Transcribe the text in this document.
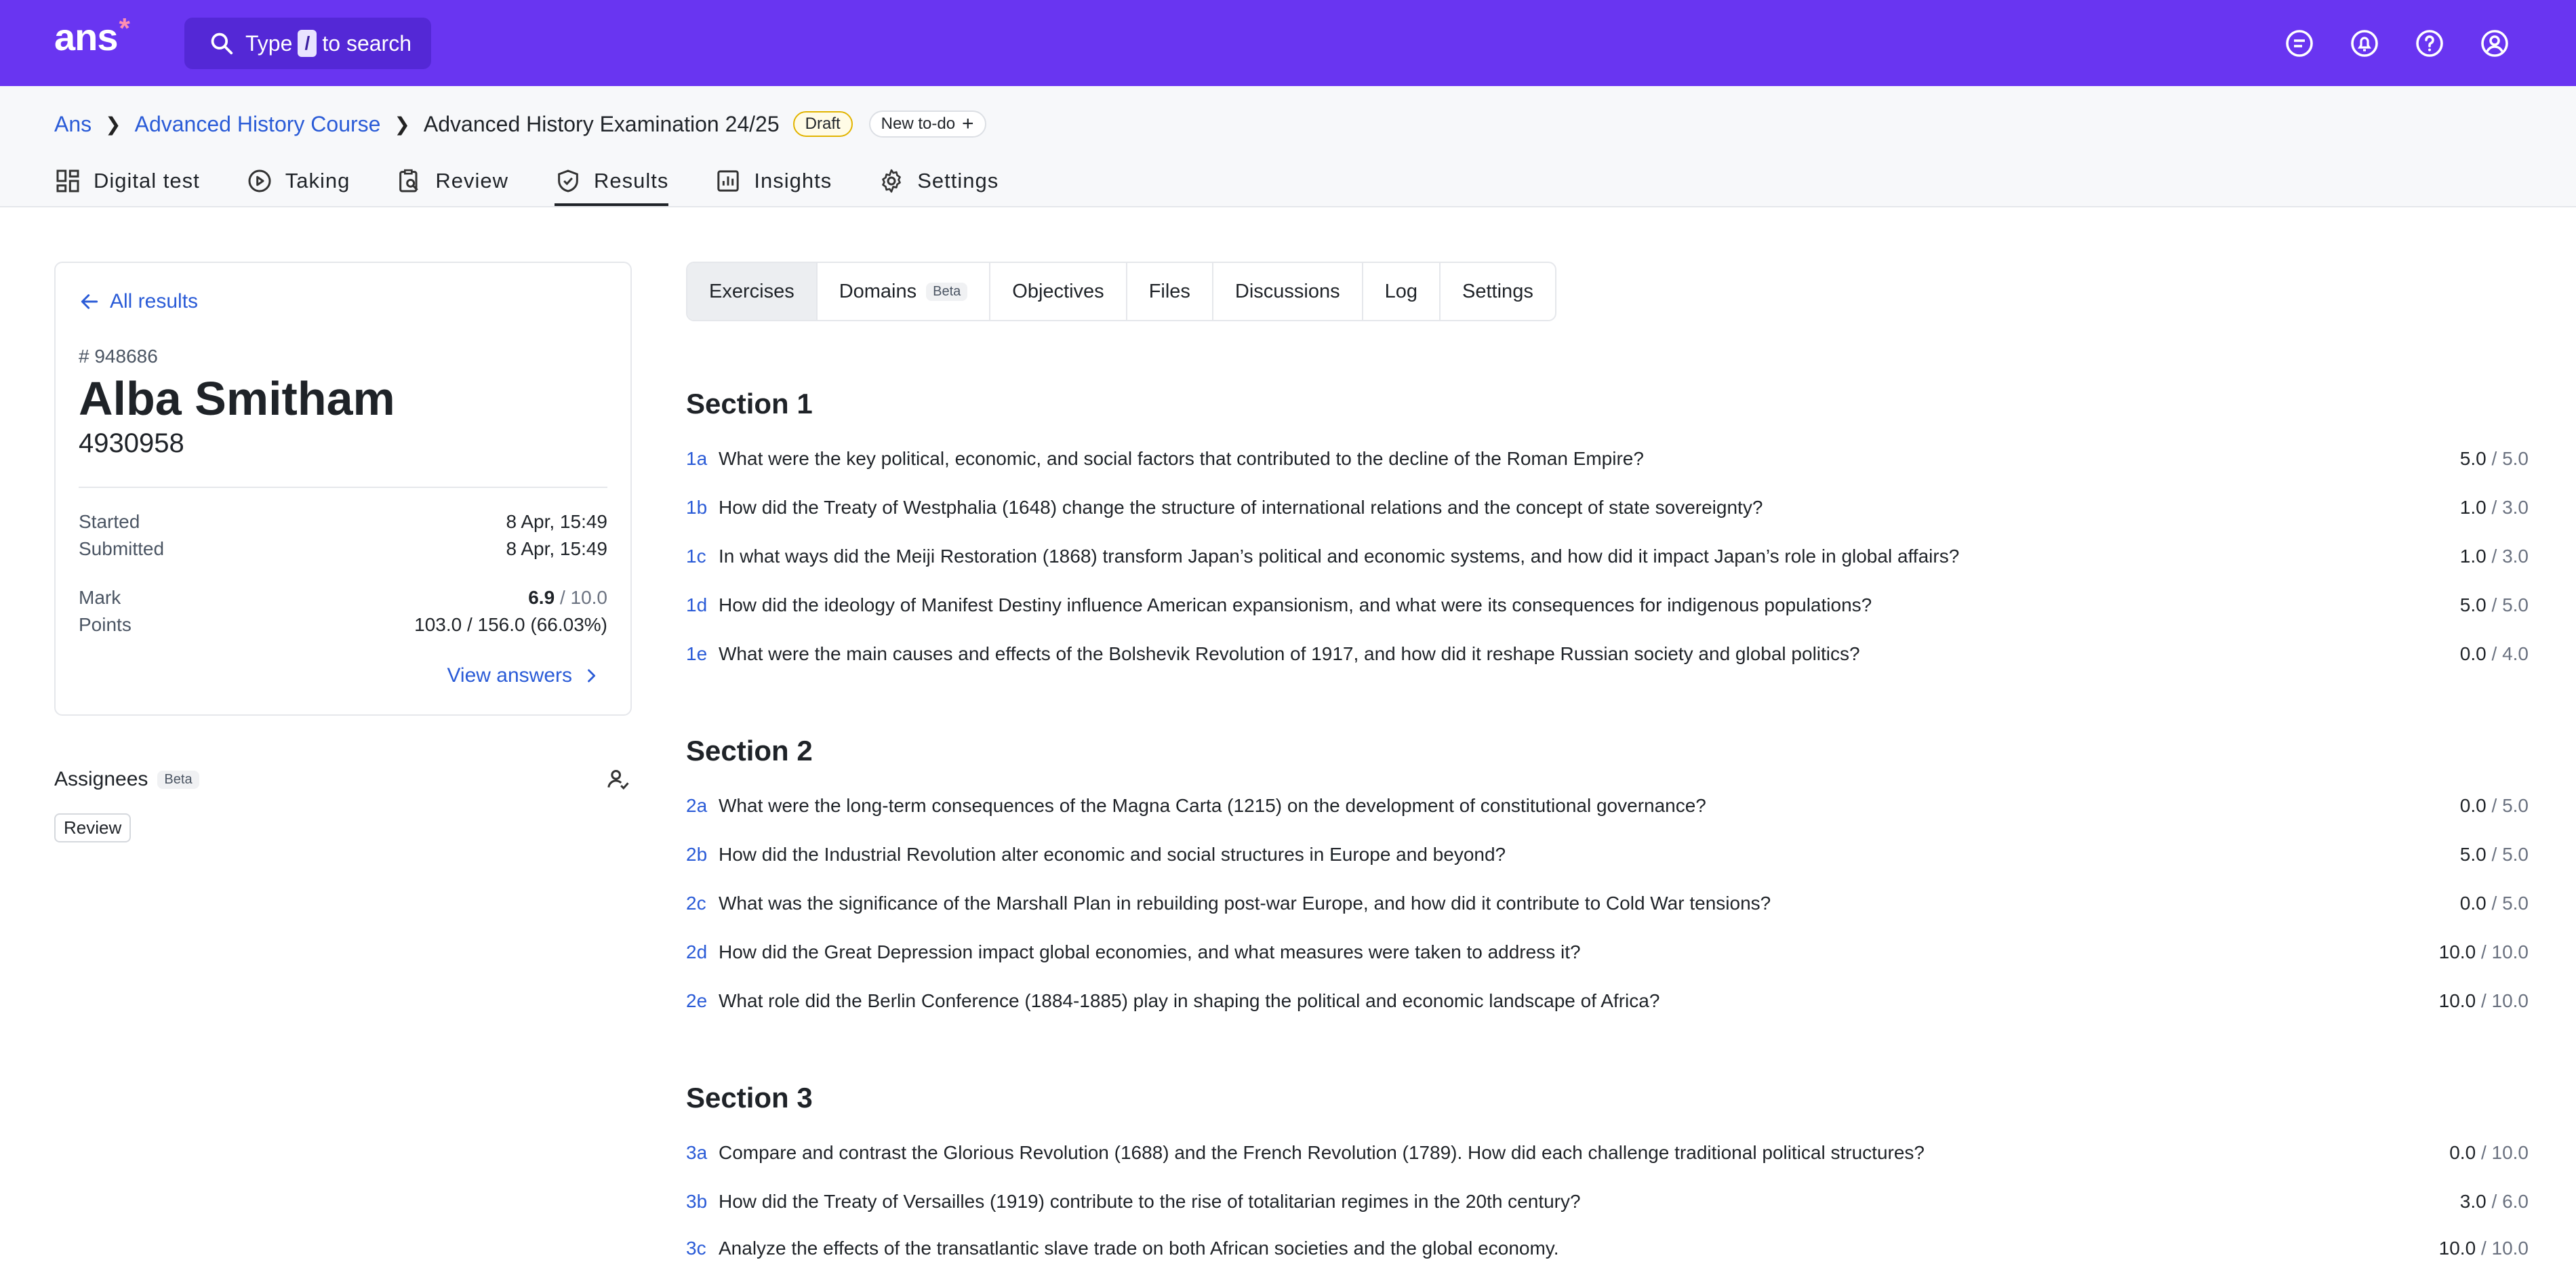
ans*	Type / to search
Ans ❯ Advanced History Course ❯ Advanced History Examination 24/25	Draft	New to-do +
Digital test	Taking	Review	Results	Insights	Settings
All results
# 948686
Alba Smitham
4930958
Started	8 Apr, 15:49
Submitted	8 Apr, 15:49
Mark	6.9 / 10.0
Points	103.0 / 156.0 (66.03%)
View answers
Assignees	Beta
Review
Exercises Domains	Beta	Objectives Files Discussions Log Settings
Section 1
1a What were the key political, economic, and social factors that contributed to the decline of the Roman Empire?	5.0 / 5.0
1b How did the Treaty of Westphalia (1648) change the structure of international relations and the concept of state sovereignty?	1.0 / 3.0
1c In what ways did the Meiji Restoration (1868) transform Japan’s political and economic systems, and how did it impact Japan’s role in global affairs?	1.0 / 3.0
1d How did the ideology of Manifest Destiny influence American expansionism, and what were its consequences for indigenous populations?	5.0 / 5.0
1e What were the main causes and effects of the Bolshevik Revolution of 1917, and how did it reshape Russian society and global politics?	0.0 / 4.0
Section 2
2a What were the long-term consequences of the Magna Carta (1215) on the development of constitutional governance?	0.0 / 5.0
2b How did the Industrial Revolution alter economic and social structures in Europe and beyond?	5.0 / 5.0
2c What was the significance of the Marshall Plan in rebuilding post-war Europe, and how did it contribute to Cold War tensions?	0.0 / 5.0
2d How did the Great Depression impact global economies, and what measures were taken to address it?	10.0 / 10.0
2e What role did the Berlin Conference (1884-1885) play in shaping the political and economic landscape of Africa?	10.0 / 10.0
Section 3
3a Compare and contrast the Glorious Revolution (1688) and the French Revolution (1789). How did each challenge traditional political structures?	0.0 / 10.0
3b How did the Treaty of Versailles (1919) contribute to the rise of totalitarian regimes in the 20th century?	3.0 / 6.0
3c Analyze the effects of the transatlantic slave trade on both African societies and the global economy.	10.0 / 10.0
